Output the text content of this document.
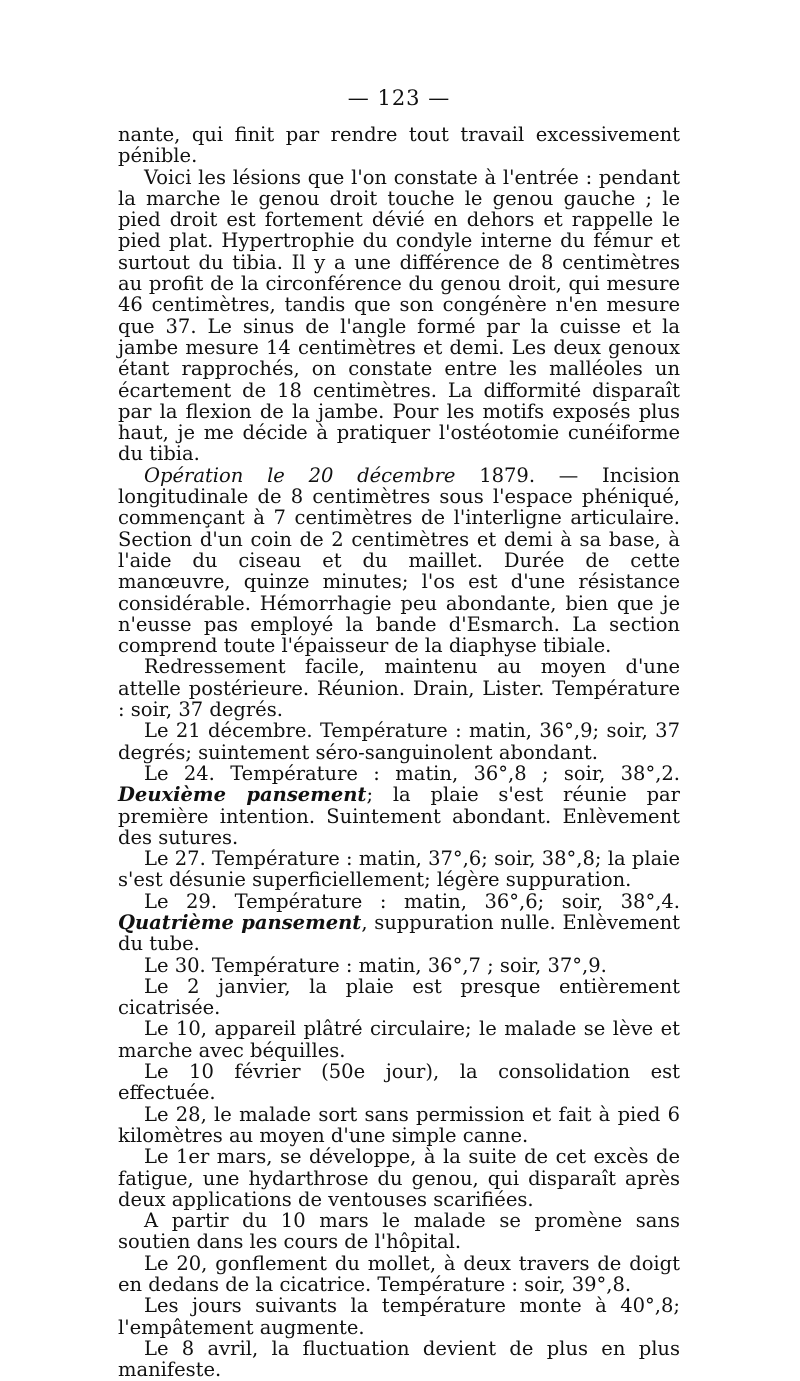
— 123 —

nante, qui finit par rendre tout travail excessivement pénible.

Voici les lésions que l'on constate à l'entrée : pendant la marche le genou droit touche le genou gauche ; le pied droit est fortement dévié en dehors et rappelle le pied plat. Hypertrophie du condyle interne du fémur et surtout du tibia. Il y a une différence de 8 centimètres au profit de la circonférence du genou droit, qui mesure 46 centimètres, tandis que son congénère n'en mesure que 37. Le sinus de l'angle formé par la cuisse et la jambe mesure 14 centimètres et demi. Les deux genoux étant rapprochés, on constate entre les malléoles un écartement de 18 centimètres. La difformité disparaît par la flexion de la jambe. Pour les motifs exposés plus haut, je me décide à pratiquer l'ostéotomie cunéiforme du tibia.

Opération le 20 décembre 1879. — Incision longitudinale de 8 centimètres sous l'espace phéniqué, commençant à 7 centimètres de l'interligne articulaire. Section d'un coin de 2 centimètres et demi à sa base, à l'aide du ciseau et du maillet. Durée de cette manœuvre, quinze minutes; l'os est d'une résistance considérable. Hémorrhagie peu abondante, bien que je n'eusse pas employé la bande d'Esmarch. La section comprend toute l'épaisseur de la diaphyse tibiale.

Redressement facile, maintenu au moyen d'une attelle postérieure. Réunion. Drain, Lister. Température : soir, 37 degrés.

Le 21 décembre. Température : matin, 36°,9; soir, 37 degrés; suintement séro-sanguinolent abondant.

Le 24. Température : matin, 36°,8 ; soir, 38°,2. Deuxième pansement; la plaie s'est réunie par première intention. Suintement abondant. Enlèvement des sutures.

Le 27. Température : matin, 37°,6; soir, 38°,8; la plaie s'est désunie superficiellement; légère suppuration.

Le 29. Température : matin, 36°,6; soir, 38°,4. Quatrième pansement, suppuration nulle. Enlèvement du tube.

Le 30. Température : matin, 36°,7 ; soir, 37°,9.

Le 2 janvier, la plaie est presque entièrement cicatrisée.

Le 10, appareil plâtré circulaire; le malade se lève et marche avec béquilles.

Le 10 février (50e jour), la consolidation est effectuée.

Le 28, le malade sort sans permission et fait à pied 6 kilomètres au moyen d'une simple canne.

Le 1er mars, se développe, à la suite de cet excès de fatigue, une hydarthrose du genou, qui disparaît après deux applications de ventouses scarifiées.

A partir du 10 mars le malade se promène sans soutien dans les cours de l'hôpital.

Le 20, gonflement du mollet, à deux travers de doigt en dedans de la cicatrice. Température : soir, 39°,8.

Les jours suivants la température monte à 40°,8; l'empâtement augmente.

Le 8 avril, la fluctuation devient de plus en plus manifeste.
